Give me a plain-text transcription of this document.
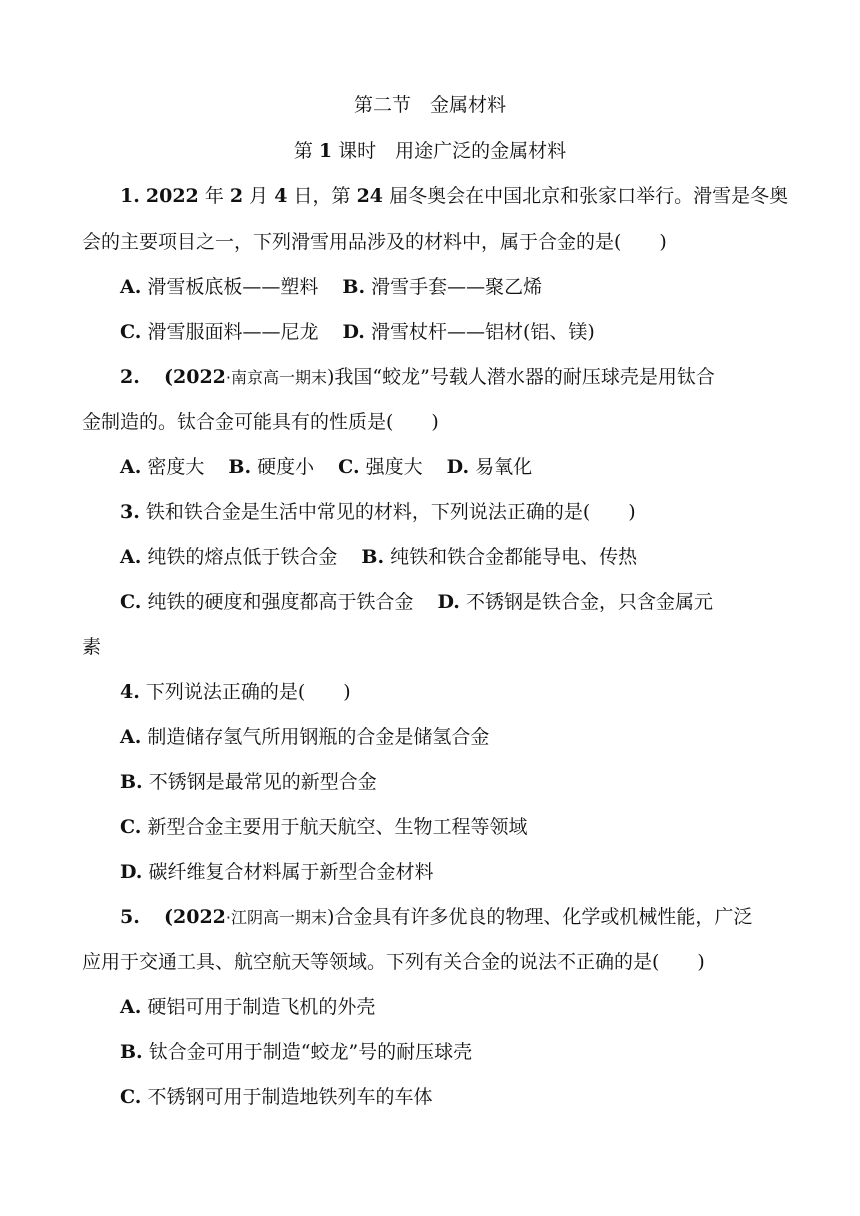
第二节　金属材料
第 1 课时　用途广泛的金属材料
1. 2022 年 2 月 4 日，第 24 届冬奥会在中国北京和张家口举行。滑雪是冬奥
会的主要项目之一，下列滑雪用品涉及的材料中，属于合金的是(　　)
A. 滑雪板底板——塑料 B. 滑雪手套——聚乙烯
C. 滑雪服面料——尼龙 D. 滑雪杖杆——铝材(铝、镁)
2. (2022·南京高一期末)我国“蛟龙”号载人潜水器的耐压球壳是用钛合
金制造的。钛合金可能具有的性质是(　　)
A. 密度大 B. 硬度小 C. 强度大 D. 易氧化
3. 铁和铁合金是生活中常见的材料，下列说法正确的是(　　)
A. 纯铁的熔点低于铁合金 B. 纯铁和铁合金都能导电、传热
C. 纯铁的硬度和强度都高于铁合金 D. 不锈钢是铁合金，只含金属元
素
4. 下列说法正确的是(　　)
A. 制造储存氢气所用钢瓶的合金是储氢合金
B. 不锈钢是最常见的新型合金
C. 新型合金主要用于航天航空、生物工程等领域
D. 碳纤维复合材料属于新型合金材料
5. (2022·江阴高一期末)合金具有许多优良的物理、化学或机械性能，广泛
应用于交通工具、航空航天等领域。下列有关合金的说法不正确的是(　　)
A. 硬铝可用于制造飞机的外壳
B. 钛合金可用于制造“蛟龙”号的耐压球壳
C. 不锈钢可用于制造地铁列车的车体
